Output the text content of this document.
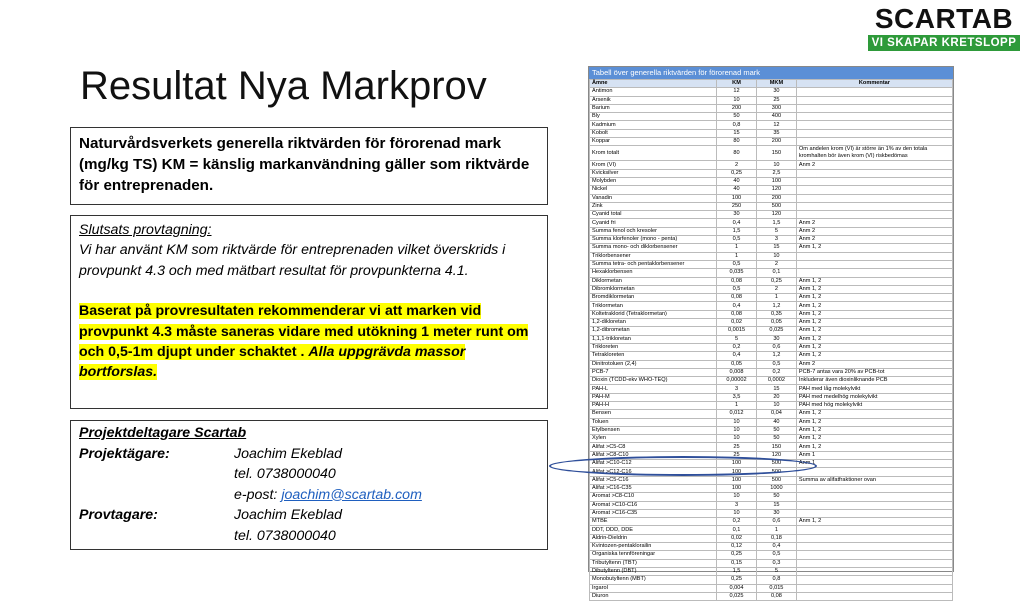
SCARTAB
VI SKAPAR KRETSLOPP
Resultat Nya Markprov
Naturvårdsverkets generella riktvärden för förorenad mark (mg/kg TS) KM = känslig markanvändning gäller som riktvärde för entreprenaden.
Slutsats provtagning:
Vi har använt KM som riktvärde för entreprenaden vilket överskrids i provpunkt 4.3 och med mätbart resultat för provpunkterna 4.1.
Baserat på provresultaten rekommenderar vi att marken vid provpunkt 4.3 måste saneras vidare med utökning 1 meter runt om och 0,5-1m djupt under schaktet . Alla uppgrävda massor bortforslas.
Projektdeltagare Scartab
Projektägare:	Joachim Ekeblad
tel. 0738000040
e-post: joachim@scartab.com
Provtagare:	Joachim Ekeblad
tel. 0738000040
Tabell över generella riktvärden för förorenad mark
Ämne	KM	MKM	Kommentar
Antimon	12	30	
Arsenik	10	25	
Barium	200	300	
Bly	50	400	
Kadmium	0,8	12	
Kobolt	15	35	
Koppar	80	200	
Krom totalt	80	150	Om andelen krom (VI) är större än 1% av den totala kromhalten bör även krom (VI) riskbedömas
Krom (VI)	2	10	Anm 2
Kvicksilver	0,25	2,5	
Molybden	40	100	
Nickel	40	120	
Vanadin	100	200	
Zink	250	500	
Cyanid total	30	120	
Cyanid fri	0,4	1,5	Anm 2
Summa fenol och kresoler	1,5	5	Anm 2
Summa klorfenoler (mono - penta)	0,5	3	Anm 2
Summa mono- och diklorbensener	1	15	Anm 1, 2
Triklorbensener	1	10	
Summa tetra- och pentaklorbensener	0,5	2	
Hexaklorbensen	0,035	0,1	
Diklormetan	0,08	0,25	Anm 1, 2
Dibromklormetan	0,5	2	Anm 1, 2
Bromdiklormetan	0,08	1	Anm 1, 2
Triklormetan	0,4	1,2	Anm 1, 2
Koltetraklorid (Tetraklormetan)	0,08	0,35	Anm 1, 2
1,2-dikloretan	0,02	0,05	Anm 1, 2
1,2-dibrometan	0,0015	0,025	Anm 1, 2
1,1,1-trikloretan	5	30	Anm 1, 2
Trikloreten	0,2	0,6	Anm 1, 2
Tetrakloreten	0,4	1,2	Anm 1, 2
Dinitrotoluen (2,4)	0,05	0,5	Anm 2
PCB-7	0,008	0,2	PCB-7 antas vara 20% av PCB-tot
Dioxin (TCDD-ekv WHO-TEQ)	0,00002	0,0002	Inkluderar även dioxinliknande PCB
PAH-L	3	15	PAH med låg molekylvikt
PAH-M	3,5	20	PAH med medelhög molekylvikt
PAH-H	1	10	PAH med hög molekylvikt
Bensen	0,012	0,04	Anm 1, 2
Toluen	10	40	Anm 1, 2
Etylbensen	10	50	Anm 1, 2
Xylen	10	50	Anm 1, 2
Alifat >C5-C8	25	150	Anm 1, 2
Alifat >C8-C10	25	120	Anm 1
Alifat >C10-C12	100	500	Anm 1
Alifat >C12-C16	100	500	
Alifat >C5-C16	100	500	Summa av alifatfraktioner ovan
Alifat >C16-C35	100	1000	
Aromat >C8-C10	10	50	
Aromat >C10-C16	3	15	
Aromat >C16-C35	10	30	
MTBE	0,2	0,6	Anm 1, 2
DDT, DDD, DDE	0,1	1	
Aldrin-Dieldrin	0,02	0,18	
Kvintozen-pentaklorailin	0,12	0,4	
Organiska tennföreningar	0,25	0,5	
Tributyltenn (TBT)	0,15	0,3	
Dibutyltenn (DBT)	1,5	5	
Monobutyltenn (MBT)	0,25	0,8	
Irgarol	0,004	0,015	
Diuron	0,025	0,08	
